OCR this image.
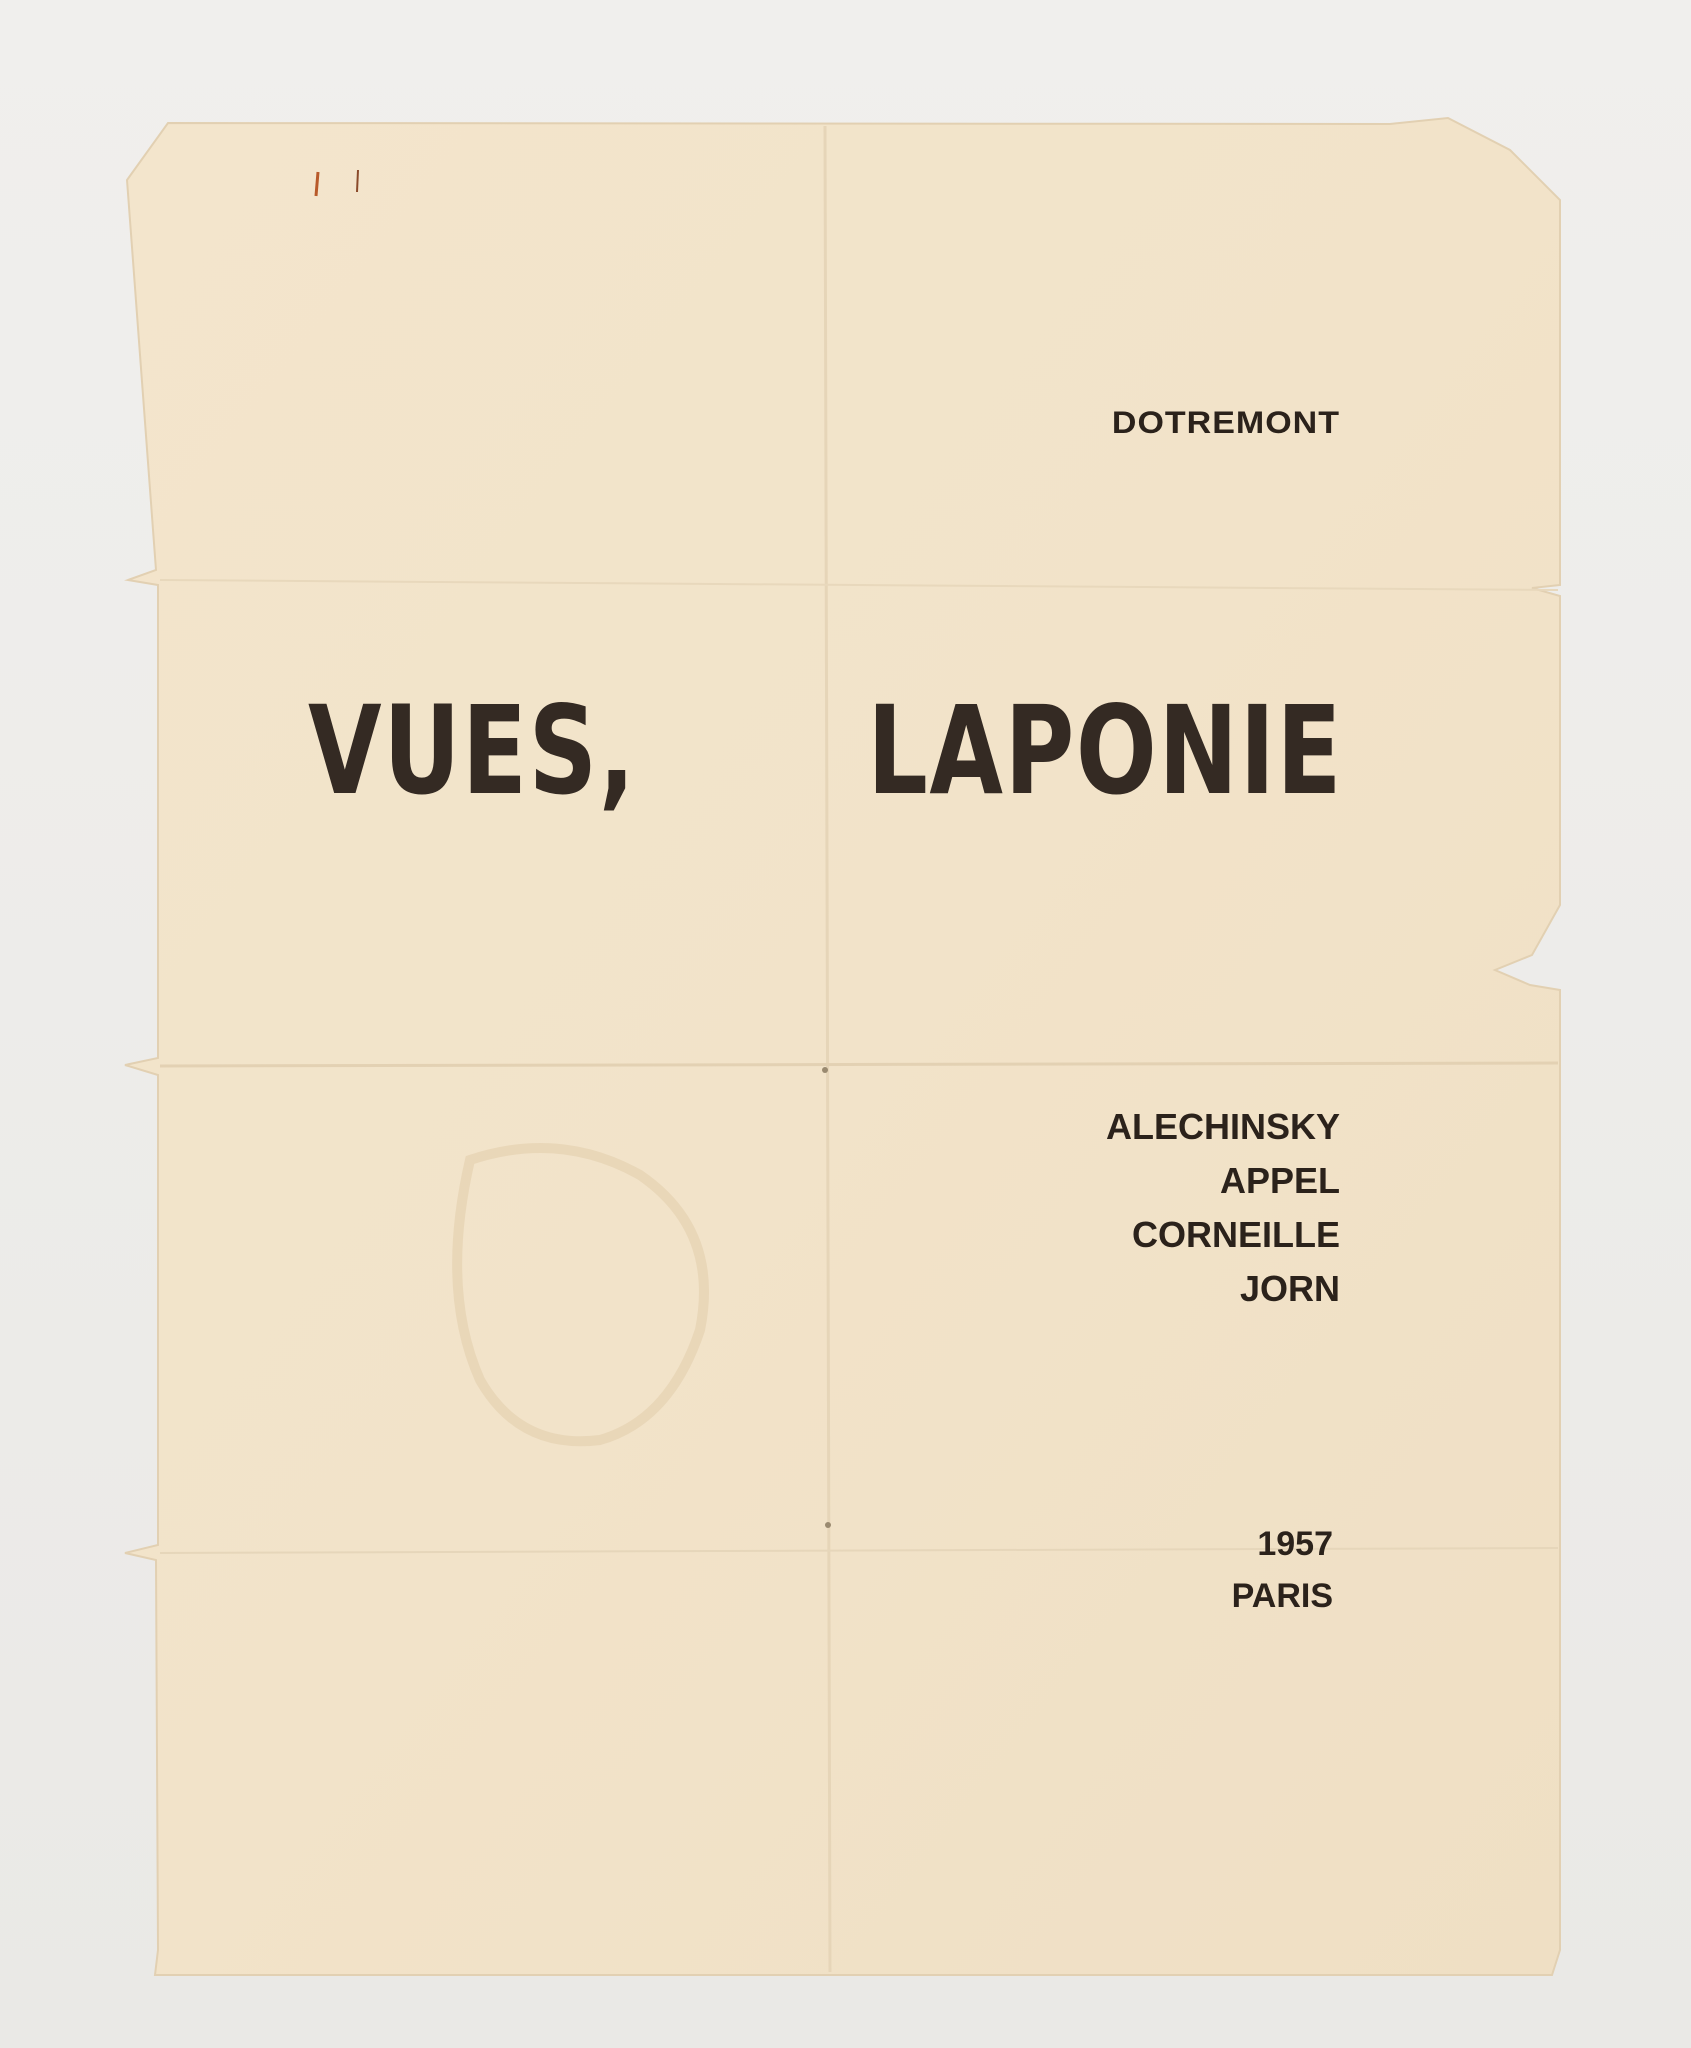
DOTREMONT
VUES, LAPONIE
ALECHINSKY
APPEL
CORNEILLE
JORN
1957
PARIS
